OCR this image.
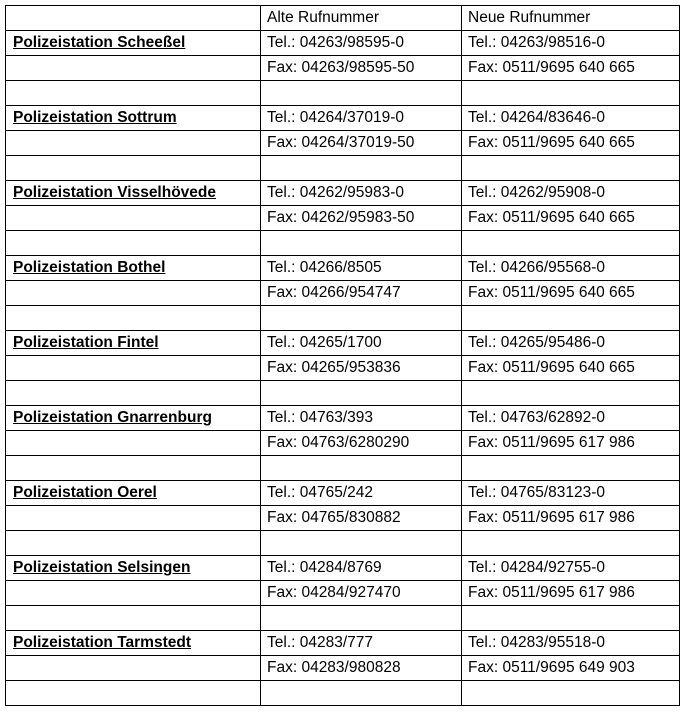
	Alte Rufnummer	Neue Rufnummer
Polizeistation Scheeßel	Tel.: 04263/98595-0	Tel.: 04263/98516-0
	Fax: 04263/98595-50	Fax: 0511/9695 640 665

Polizeistation Sottrum	Tel.: 04264/37019-0	Tel.: 04264/83646-0
	Fax: 04264/37019-50	Fax: 0511/9695 640 665

Polizeistation Visselhövede	Tel.: 04262/95983-0	Tel.: 04262/95908-0
	Fax: 04262/95983-50	Fax: 0511/9695 640 665

Polizeistation Bothel	Tel.: 04266/8505	Tel.: 04266/95568-0
	Fax: 04266/954747	Fax: 0511/9695 640 665

Polizeistation Fintel	Tel.: 04265/1700	Tel.: 04265/95486-0
	Fax: 04265/953836	Fax: 0511/9695 640 665

Polizeistation Gnarrenburg	Tel.: 04763/393	Tel.: 04763/62892-0
	Fax: 04763/6280290	Fax: 0511/9695 617 986

Polizeistation Oerel	Tel.: 04765/242	Tel.: 04765/83123-0
	Fax: 04765/830882	Fax: 0511/9695 617 986

Polizeistation Selsingen	Tel.: 04284/8769	Tel.: 04284/92755-0
	Fax: 04284/927470	Fax: 0511/9695 617 986

Polizeistation Tarmstedt	Tel.: 04283/777	Tel.: 04283/95518-0
	Fax: 04283/980828	Fax: 0511/9695 649 903
